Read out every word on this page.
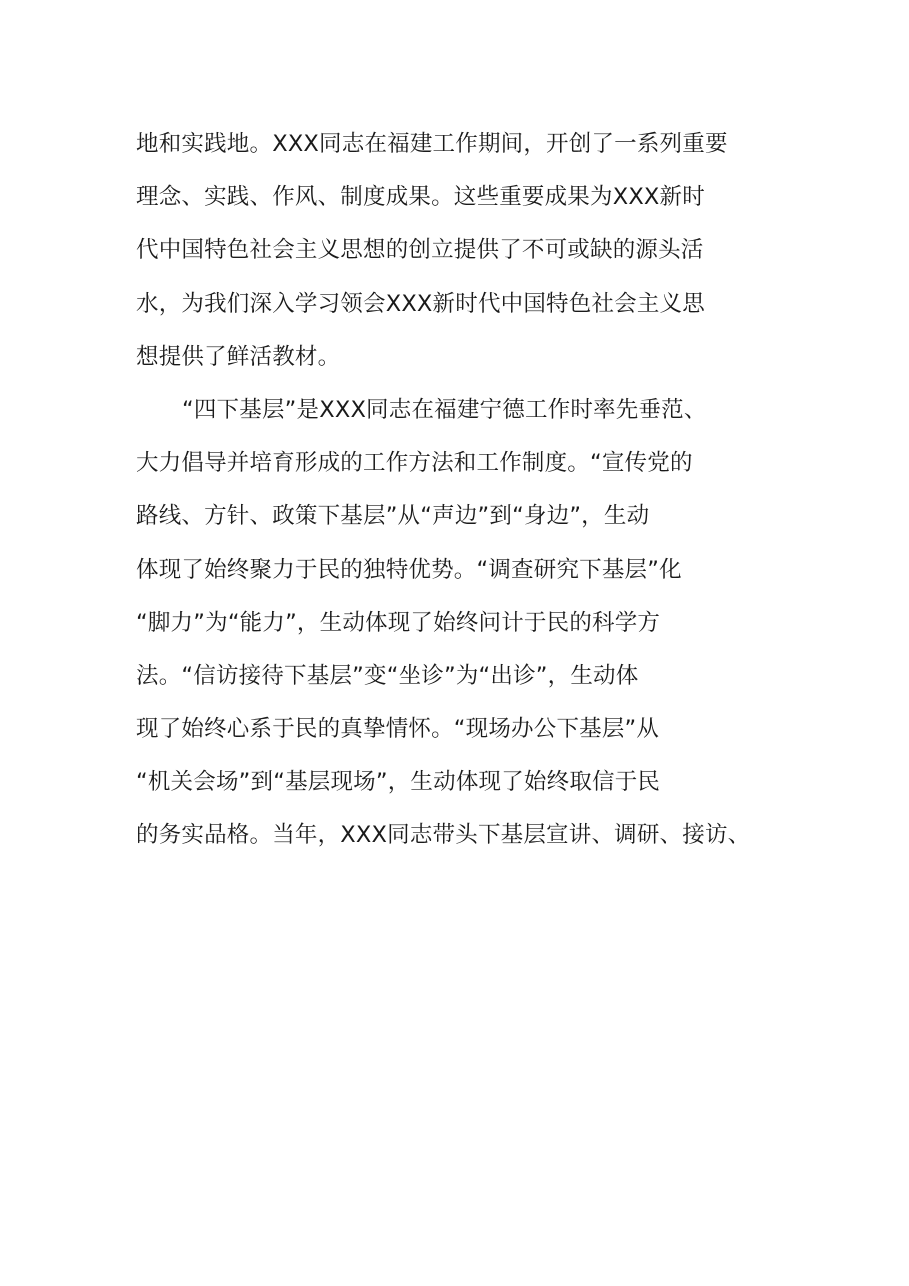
地和实践地。XXX同志在福建工作期间，开创了一系列重要
理念、实践、作风、制度成果。这些重要成果为XXX新时
代中国特色社会主义思想的创立提供了不可或缺的源头活
水，为我们深入学习领会XXX新时代中国特色社会主义思
想提供了鲜活教材。
“四下基层”是XXX同志在福建宁德工作时率先垂范、
大力倡导并培育形成的工作方法和工作制度。“宣传党的
路线、方针、政策下基层”从“声边”到“身边”，生动
体现了始终聚力于民的独特优势。“调查研究下基层”化
“脚力”为“能力”，生动体现了始终问计于民的科学方
法。“信访接待下基层”变“坐诊”为“出诊”，生动体
现了始终心系于民的真挚情怀。“现场办公下基层”从
“机关会场”到“基层现场”，生动体现了始终取信于民
的务实品格。当年，XXX同志带头下基层宣讲、调研、接访、
